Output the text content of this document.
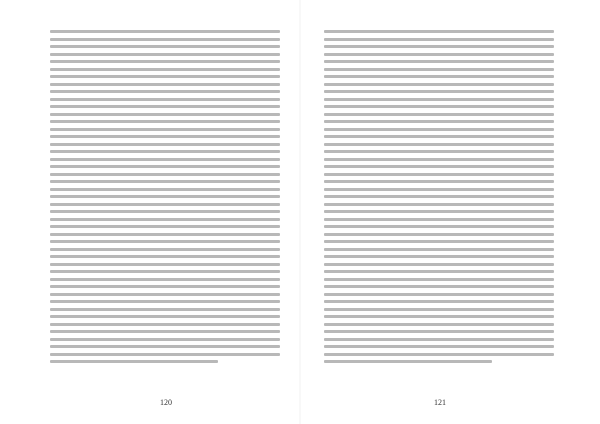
120	121
